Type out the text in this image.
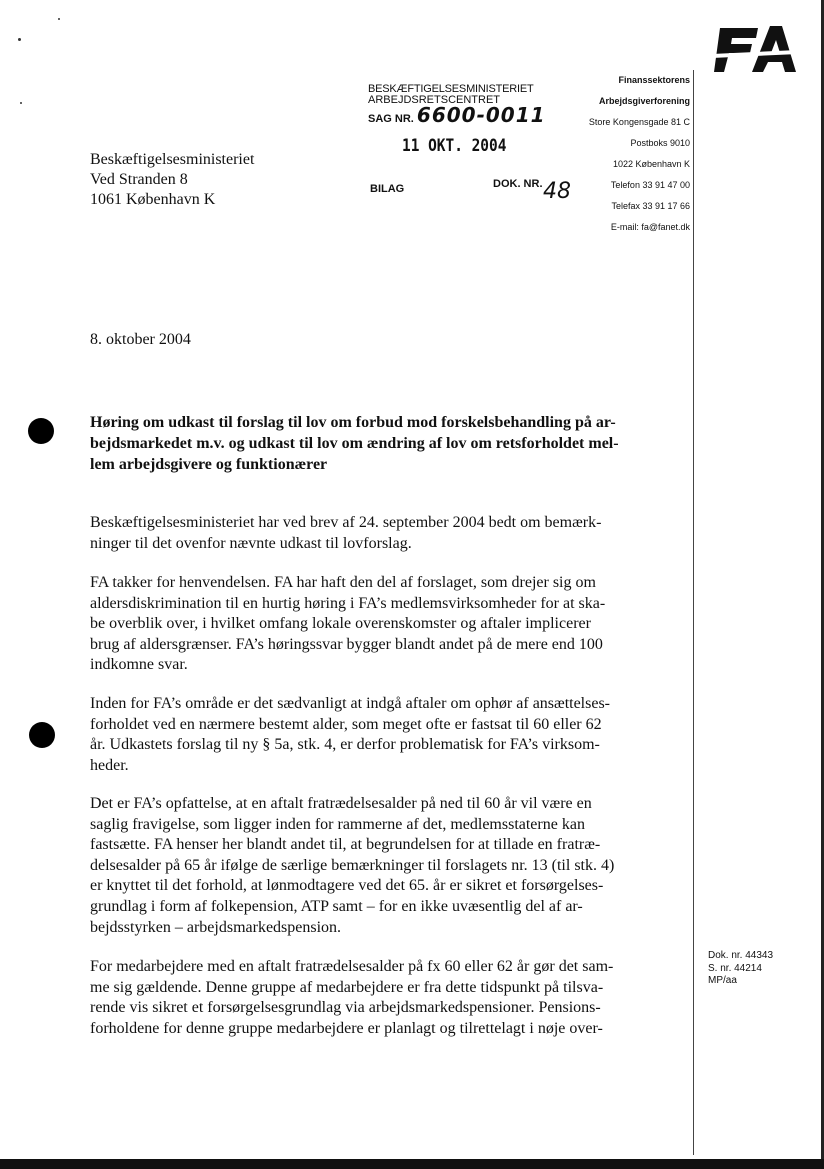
Finanssektorens
Arbejdsgiverforening
Store Kongensgade 81 C
Postboks 9010
1022 København K
Telefon 33 91 47 00
Telefax 33 91 17 66
E-mail: fa@fanet.dk
BESKÆFTIGELSESMINISTERIET
ARBEJDSRETSCENTRET
SAG NR. 6600-0011
11 OKT. 2004
BILAG	DOK. NR. 48
Beskæftigelsesministeriet
Ved Stranden 8
1061 København K
8. oktober 2004
Høring om udkast til forslag til lov om forbud mod forskelsbehandling på ar-
bejdsmarkedet m.v. og udkast til lov om ændring af lov om retsforholdet mel-
lem arbejdsgivere og funktionærer
Beskæftigelsesministeriet har ved brev af 24. september 2004 bedt om bemærk-
ninger til det ovenfor nævnte udkast til lovforslag.
FA takker for henvendelsen. FA har haft den del af forslaget, som drejer sig om
aldersdiskrimination til en hurtig høring i FA’s medlemsvirksomheder for at ska-
be overblik over, i hvilket omfang lokale overenskomster og aftaler implicerer
brug af aldersgrænser. FA’s høringssvar bygger blandt andet på de mere end 100
indkomne svar.
Inden for FA’s område er det sædvanligt at indgå aftaler om ophør af ansættelses-
forholdet ved en nærmere bestemt alder, som meget ofte er fastsat til 60 eller 62
år. Udkastets forslag til ny § 5a, stk. 4, er derfor problematisk for FA’s virksom-
heder.
Det er FA’s opfattelse, at en aftalt fratrædelsesalder på ned til 60 år vil være en
saglig fravigelse, som ligger inden for rammerne af det, medlemsstaterne kan
fastsætte. FA henser her blandt andet til, at begrundelsen for at tillade en fratræ-
delsesalder på 65 år ifølge de særlige bemærkninger til forslagets nr. 13 (til stk. 4)
er knyttet til det forhold, at lønmodtagere ved det 65. år er sikret et forsørgelses-
grundlag i form af folkepension, ATP samt – for en ikke uvæsentlig del af ar-
bejdsstyrken – arbejdsmarkedspension.
For medarbejdere med en aftalt fratrædelsesalder på fx 60 eller 62 år gør det sam-
me sig gældende. Denne gruppe af medarbejdere er fra dette tidspunkt på tilsva-
rende vis sikret et forsørgelsesgrundlag via arbejdsmarkedspensioner. Pensions-
forholdene for denne gruppe medarbejdere er planlagt og tilrettelagt i nøje over-
Dok. nr. 44343
S. nr. 44214
MP/aa
